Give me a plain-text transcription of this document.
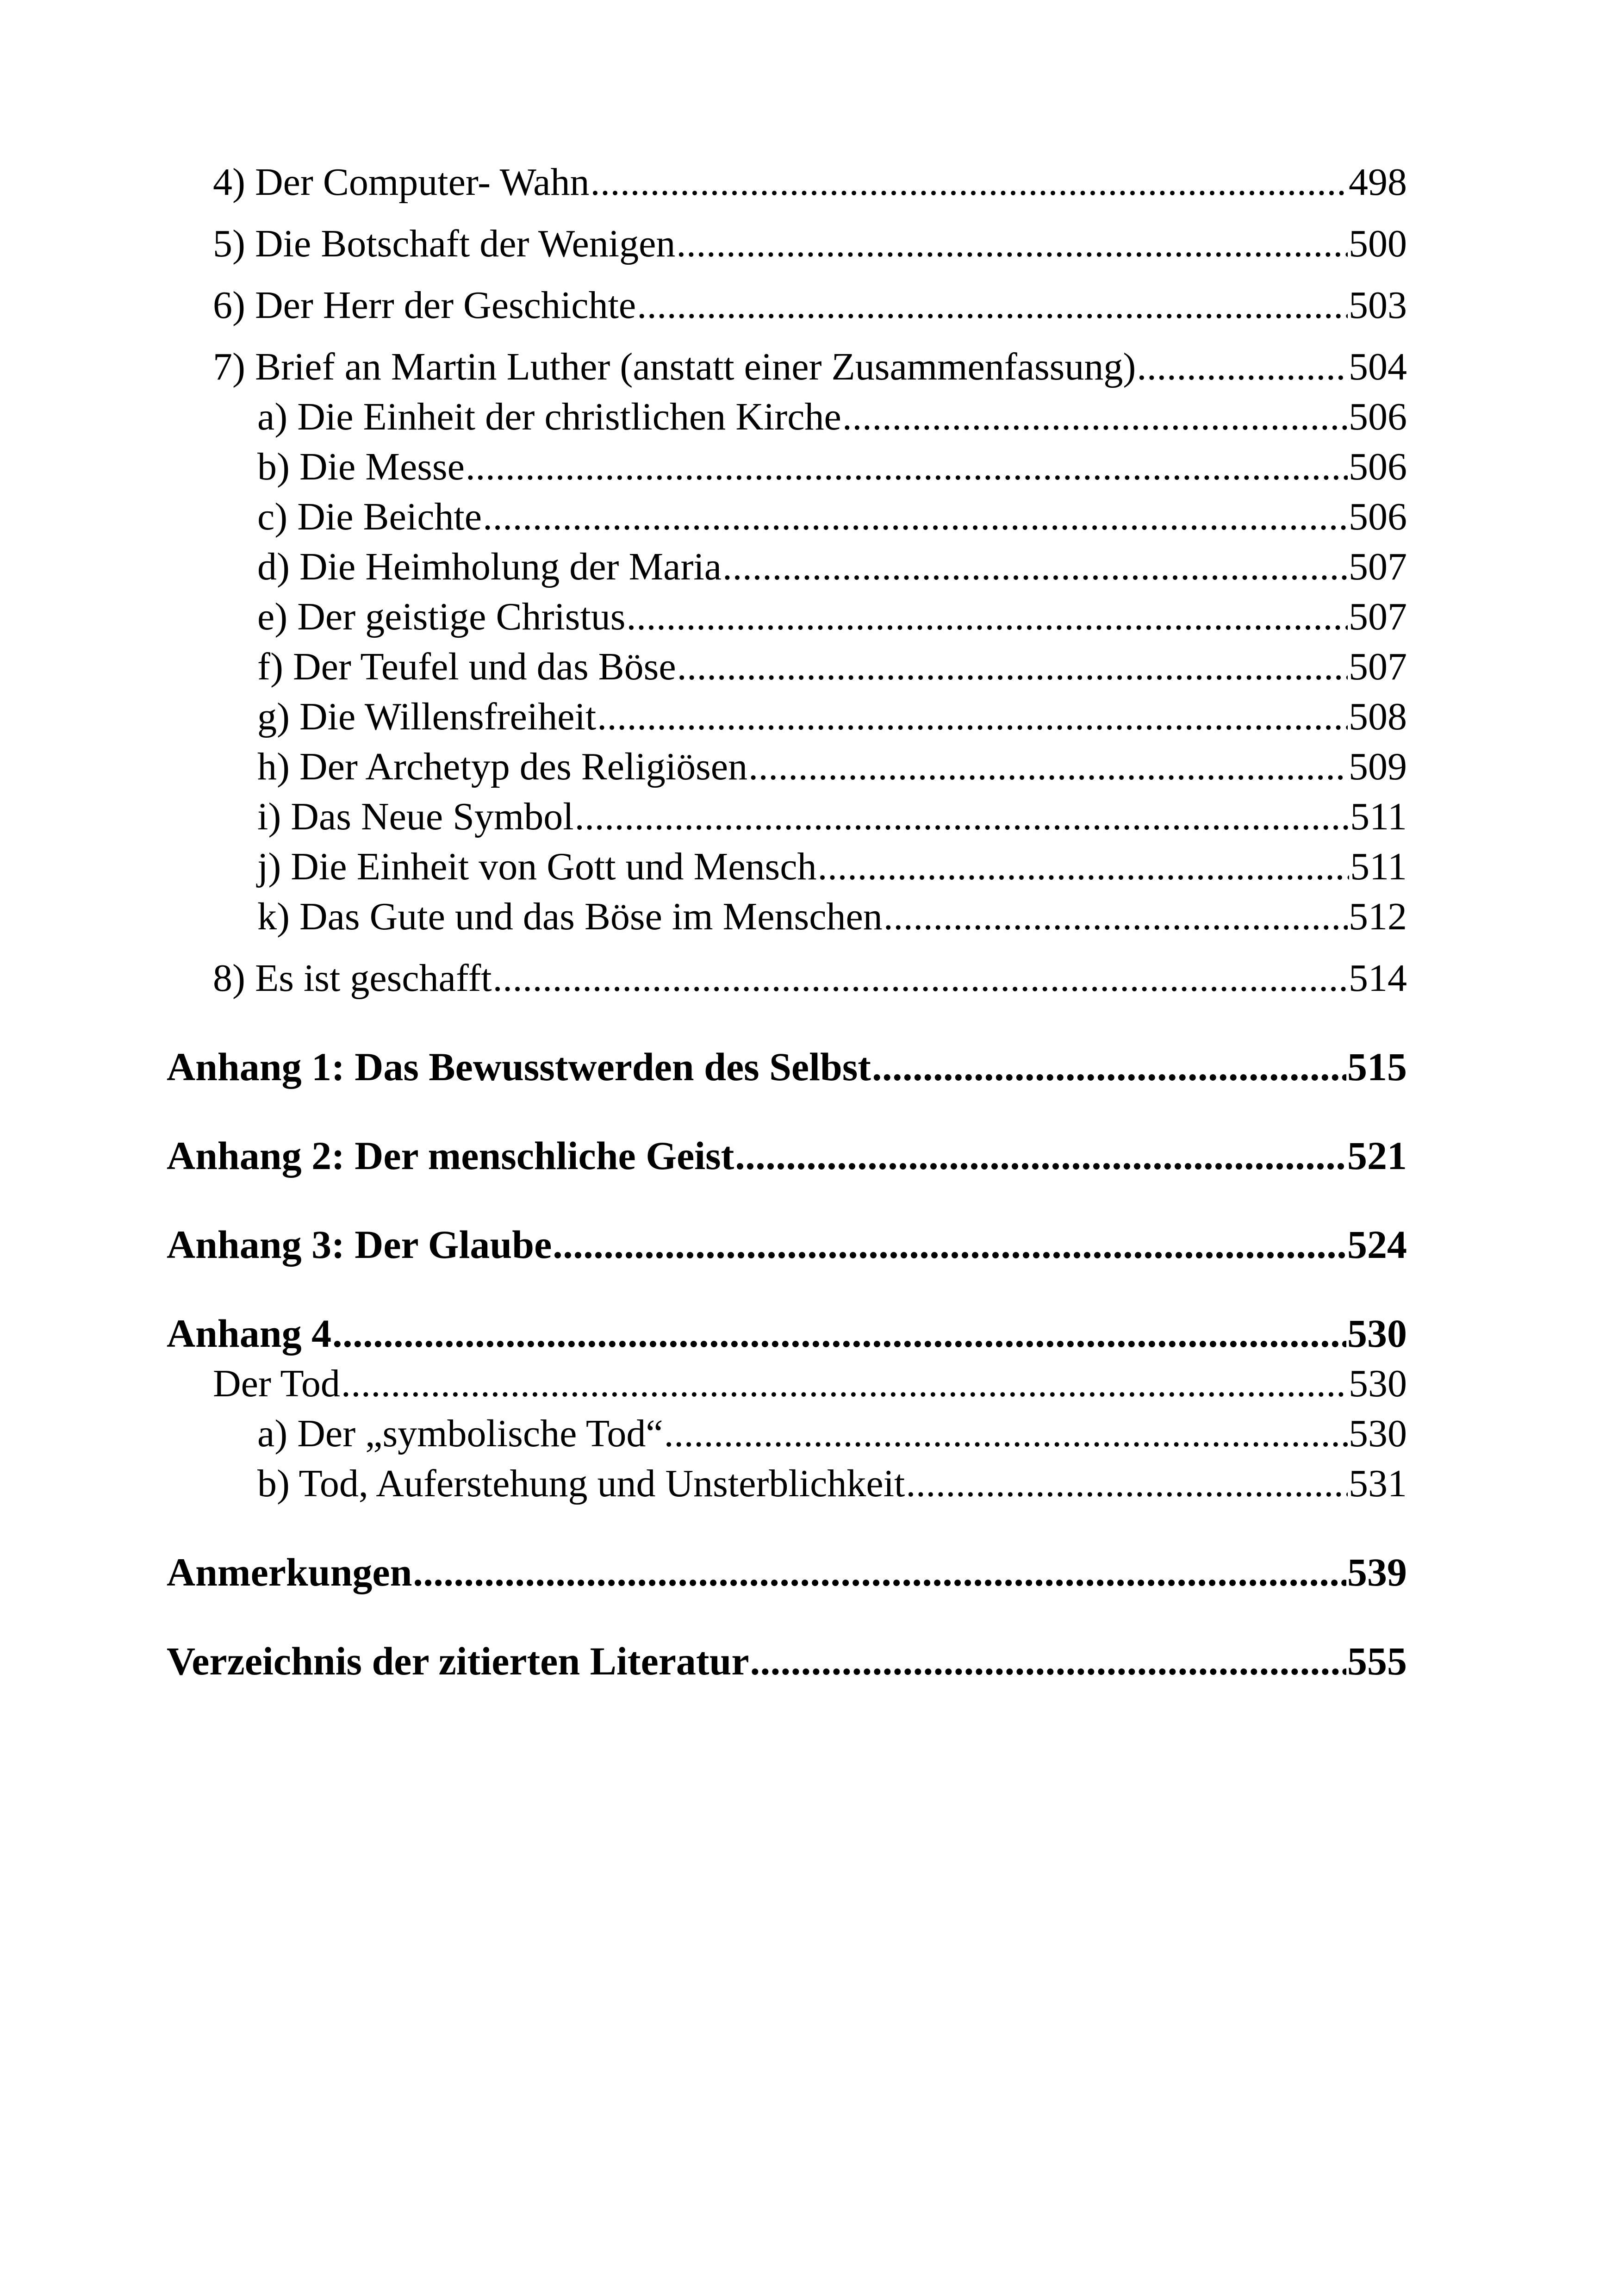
4) Der Computer- Wahn .....	498
5) Die Botschaft der Wenigen .....	500
6) Der Herr der Geschichte .....	503
7) Brief an Martin Luther (anstatt einer Zusammenfassung) .....	504
a) Die Einheit der christlichen Kirche .....	506
b) Die Messe .....	506
c) Die Beichte .....	506
d) Die Heimholung der Maria .....	507
e) Der geistige Christus .....	507
f) Der Teufel und das Böse .....	507
g) Die Willensfreiheit .....	508
h) Der Archetyp des Religiösen .....	509
i) Das Neue Symbol .....	511
j) Die Einheit von Gott und Mensch .....	511
k) Das Gute und das Böse im Menschen .....	512
8) Es ist geschafft .....	514
Anhang 1: Das Bewusstwerden des Selbst .....	515
Anhang 2: Der menschliche Geist .....	521
Anhang 3: Der Glaube .....	524
Anhang 4 .....	530
Der Tod .....	530
a) Der „symbolische Tod“ .....	530
b) Tod, Auferstehung und Unsterblichkeit .....	531
Anmerkungen .....	539
Verzeichnis der zitierten Literatur .....	555
